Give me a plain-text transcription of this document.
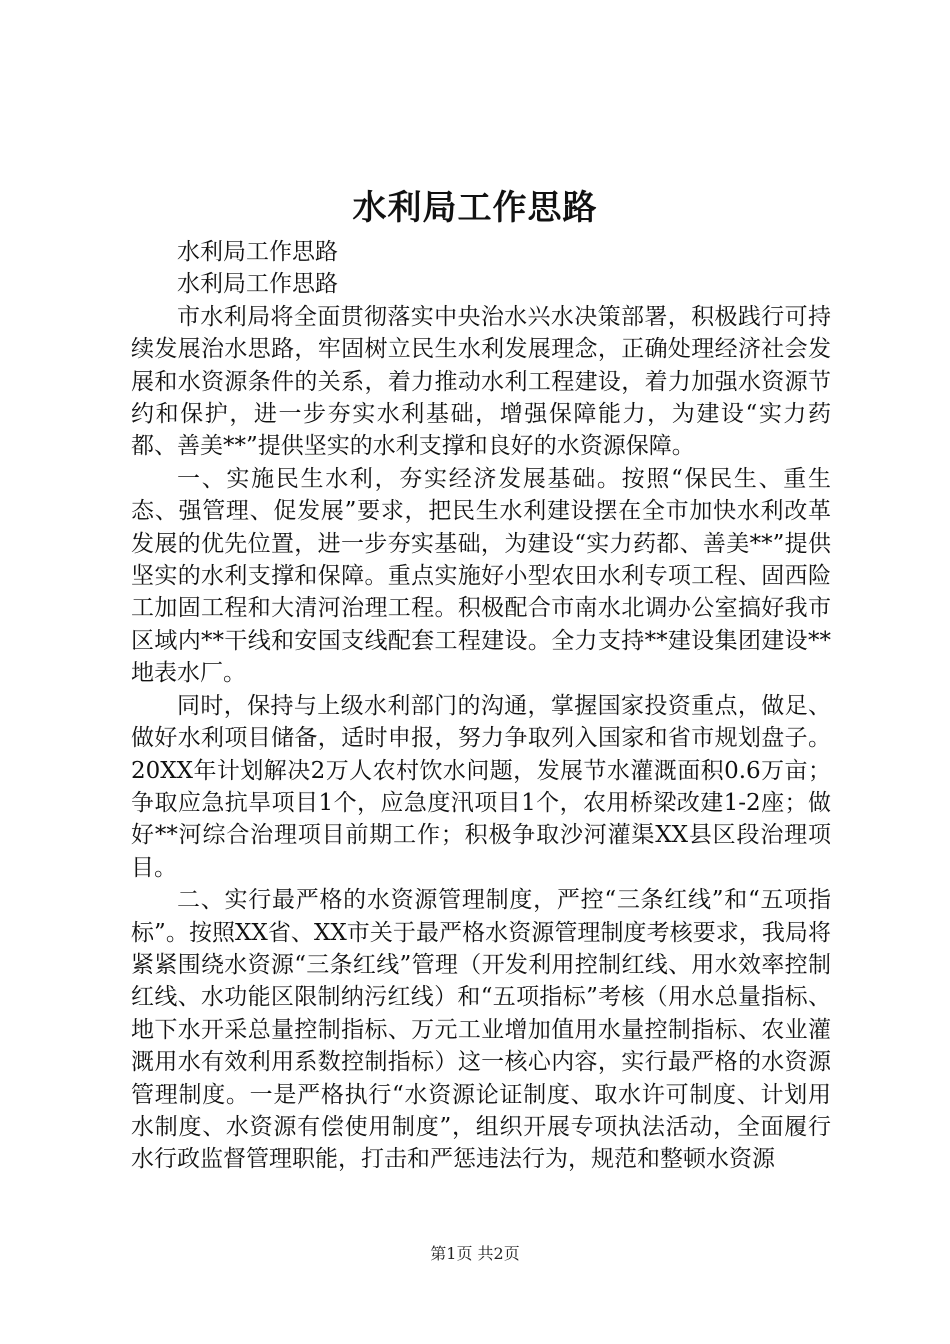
水利局工作思路

水利局工作思路

水利局工作思路

市水利局将全面贯彻落实中央治水兴水决策部署，积极践行可持续发展治水思路，牢固树立民生水利发展理念，正确处理经济社会发展和水资源条件的关系，着力推动水利工程建设，着力加强水资源节约和保护，进一步夯实水利基础，增强保障能力，为建设“实力药都、善美**”提供坚实的水利支撑和良好的水资源保障。

一、实施民生水利，夯实经济发展基础。按照“保民生、重生态、强管理、促发展”要求，把民生水利建设摆在全市加快水利改革发展的优先位置，进一步夯实基础，为建设“实力药都、善美**”提供坚实的水利支撑和保障。重点实施好小型农田水利专项工程、固西险工加固工程和大清河治理工程。积极配合市南水北调办公室搞好我市区域内**干线和安国支线配套工程建设。全力支持**建设集团建设**地表水厂。

同时，保持与上级水利部门的沟通，掌握国家投资重点，做足、做好水利项目储备，适时申报，努力争取列入国家和省市规划盘子。20XX年计划解决2万人农村饮水问题，发展节水灌溉面积0.6万亩；争取应急抗旱项目1个，应急度汛项目1个，农用桥梁改建1-2座；做好**河综合治理项目前期工作；积极争取沙河灌渠XX县区段治理项目。

二、实行最严格的水资源管理制度，严控“三条红线”和“五项指标”。按照XX省、XX市关于最严格水资源管理制度考核要求，我局将紧紧围绕水资源“三条红线”管理（开发利用控制红线、用水效率控制红线、水功能区限制纳污红线）和“五项指标”考核（用水总量指标、地下水开采总量控制指标、万元工业增加值用水量控制指标、农业灌溉用水有效利用系数控制指标）这一核心内容，实行最严格的水资源管理制度。一是严格执行“水资源论证制度、取水许可制度、计划用水制度、水资源有偿使用制度”，组织开展专项执法活动，全面履行水行政监督管理职能，打击和严惩违法行为，规范和整顿水资源

第1页 共2页
